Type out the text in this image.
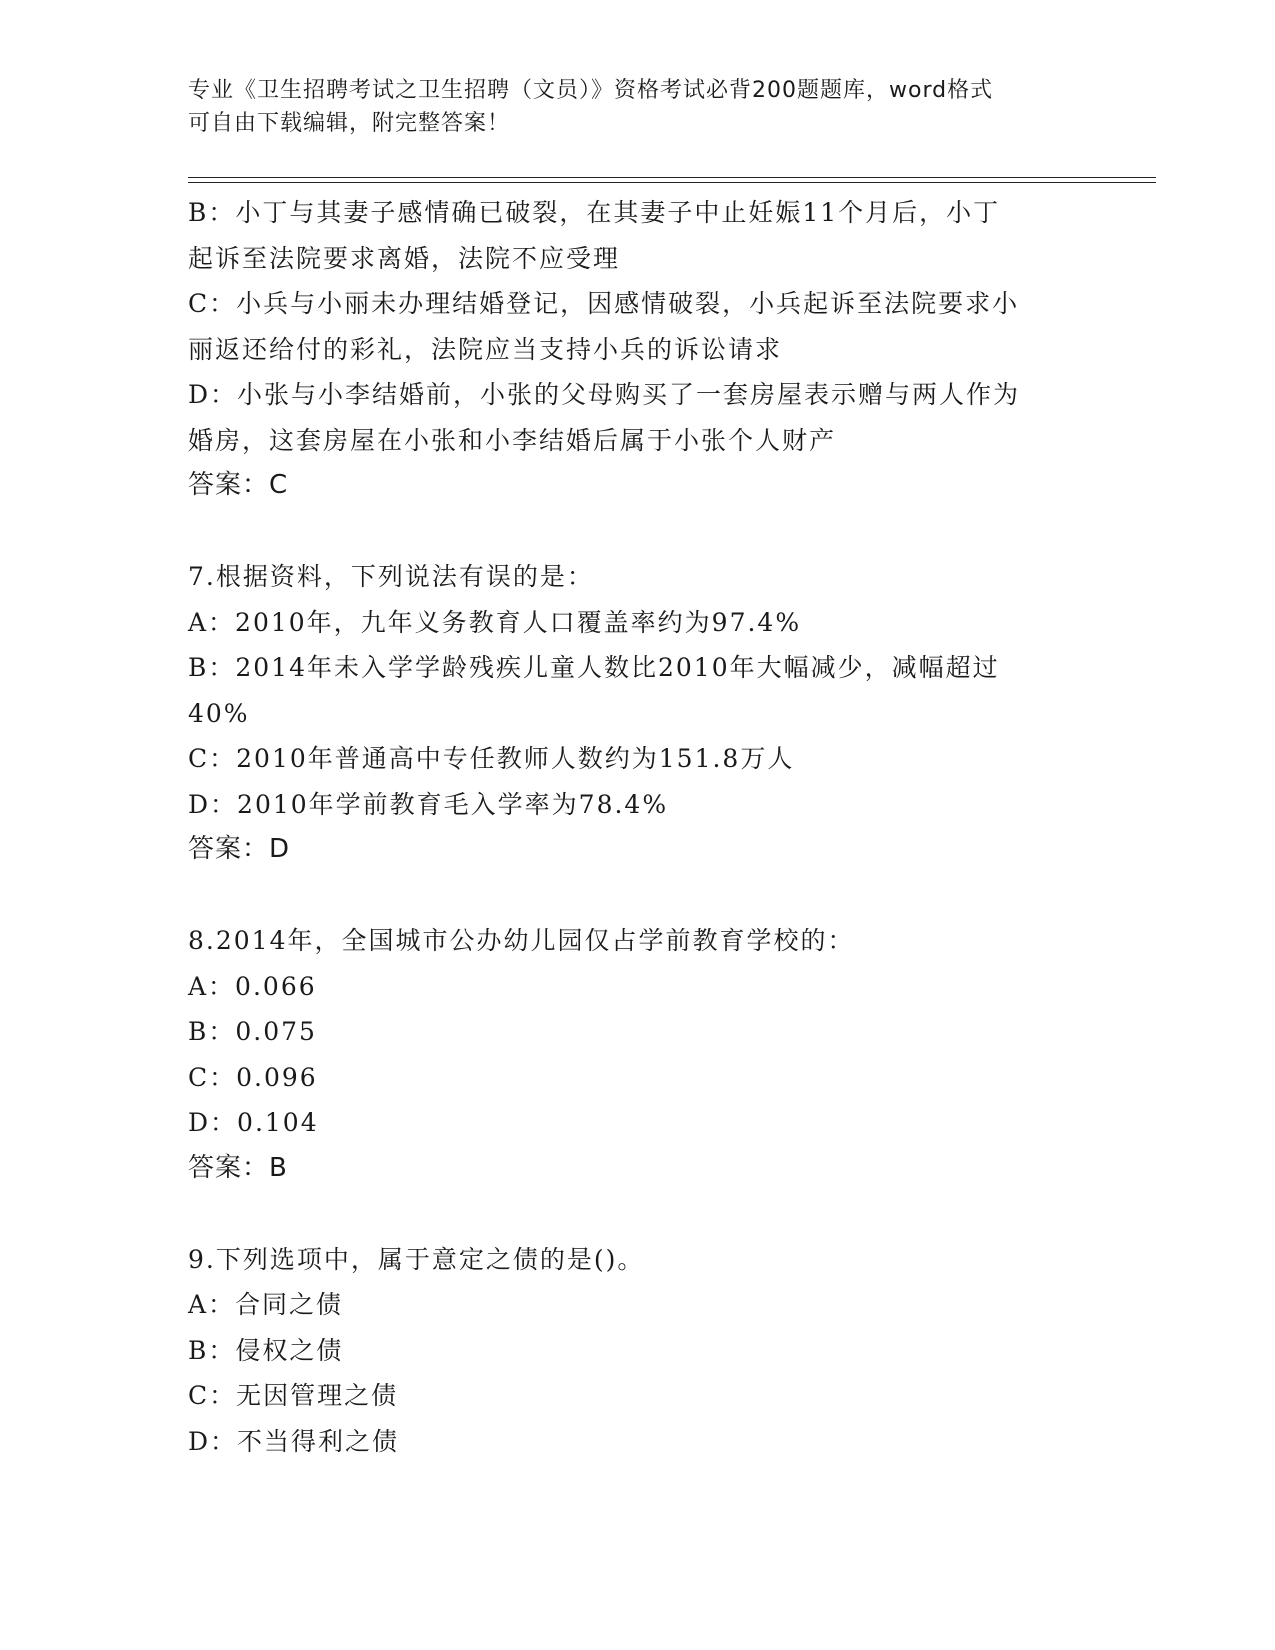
专业《卫生招聘考试之卫生招聘（文员）》资格考试必背200题题库，word格式
可自由下载编辑，附完整答案！
B：小丁与其妻子感情确已破裂，在其妻子中止妊娠11个月后，小丁
起诉至法院要求离婚，法院不应受理
C：小兵与小丽未办理结婚登记，因感情破裂，小兵起诉至法院要求小
丽返还给付的彩礼，法院应当支持小兵的诉讼请求
D：小张与小李结婚前，小张的父母购买了一套房屋表示赠与两人作为
婚房，这套房屋在小张和小李结婚后属于小张个人财产
答案：C
7.根据资料，下列说法有误的是：
A：2010年，九年义务教育人口覆盖率约为97.4%
B：2014年未入学学龄残疾儿童人数比2010年大幅减少，减幅超过
40%
C：2010年普通高中专任教师人数约为151.8万人
D：2010年学前教育毛入学率为78.4%
答案：D
8.2014年，全国城市公办幼儿园仅占学前教育学校的：
A：0.066
B：0.075
C：0.096
D：0.104
答案：B
9.下列选项中，属于意定之债的是()。
A：合同之债
B：侵权之债
C：无因管理之债
D：不当得利之债
